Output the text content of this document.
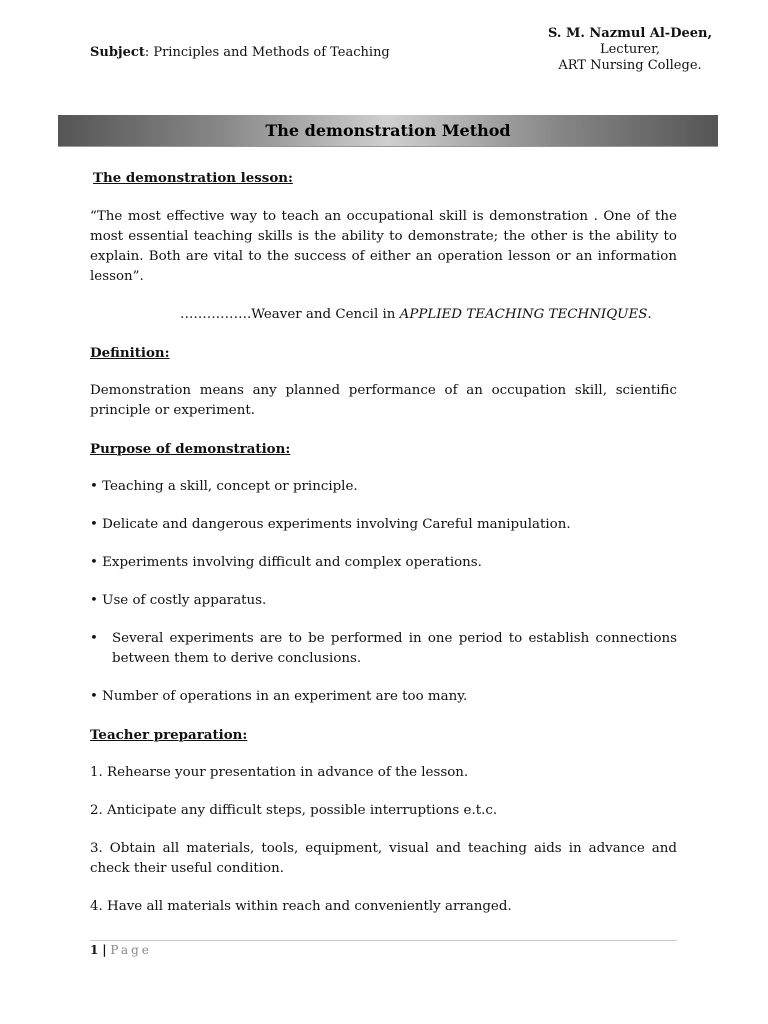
Subject: Principles and Methods of Teaching
S. M. Nazmul Al-Deen,
Lecturer,
ART Nursing College.
The demonstration Method

The demonstration lesson:

“The most effective way to teach an occupational skill is demonstration . One of the most essential teaching skills is the ability to demonstrate; the other is the ability to explain. Both are vital to the success of either an operation lesson or an information lesson”.

…………….Weaver and Cencil in APPLIED TEACHING TECHNIQUES.

Definition:

Demonstration means any planned performance of an occupation skill, scientific principle or experiment.

Purpose of demonstration:

• Teaching a skill, concept or principle.

• Delicate and dangerous experiments involving Careful manipulation.

• Experiments involving difficult and complex operations.

• Use of costly apparatus.

•	Several experiments are to be performed in one period to establish connections between them to derive conclusions.

• Number of operations in an experiment are too many.

Teacher preparation:

1. Rehearse your presentation in advance of the lesson.

2. Anticipate any difficult steps, possible interruptions e.t.c.

3. Obtain all materials, tools, equipment, visual and teaching aids in advance and check their useful condition.

4. Have all materials within reach and conveniently arranged.

1 | Page
